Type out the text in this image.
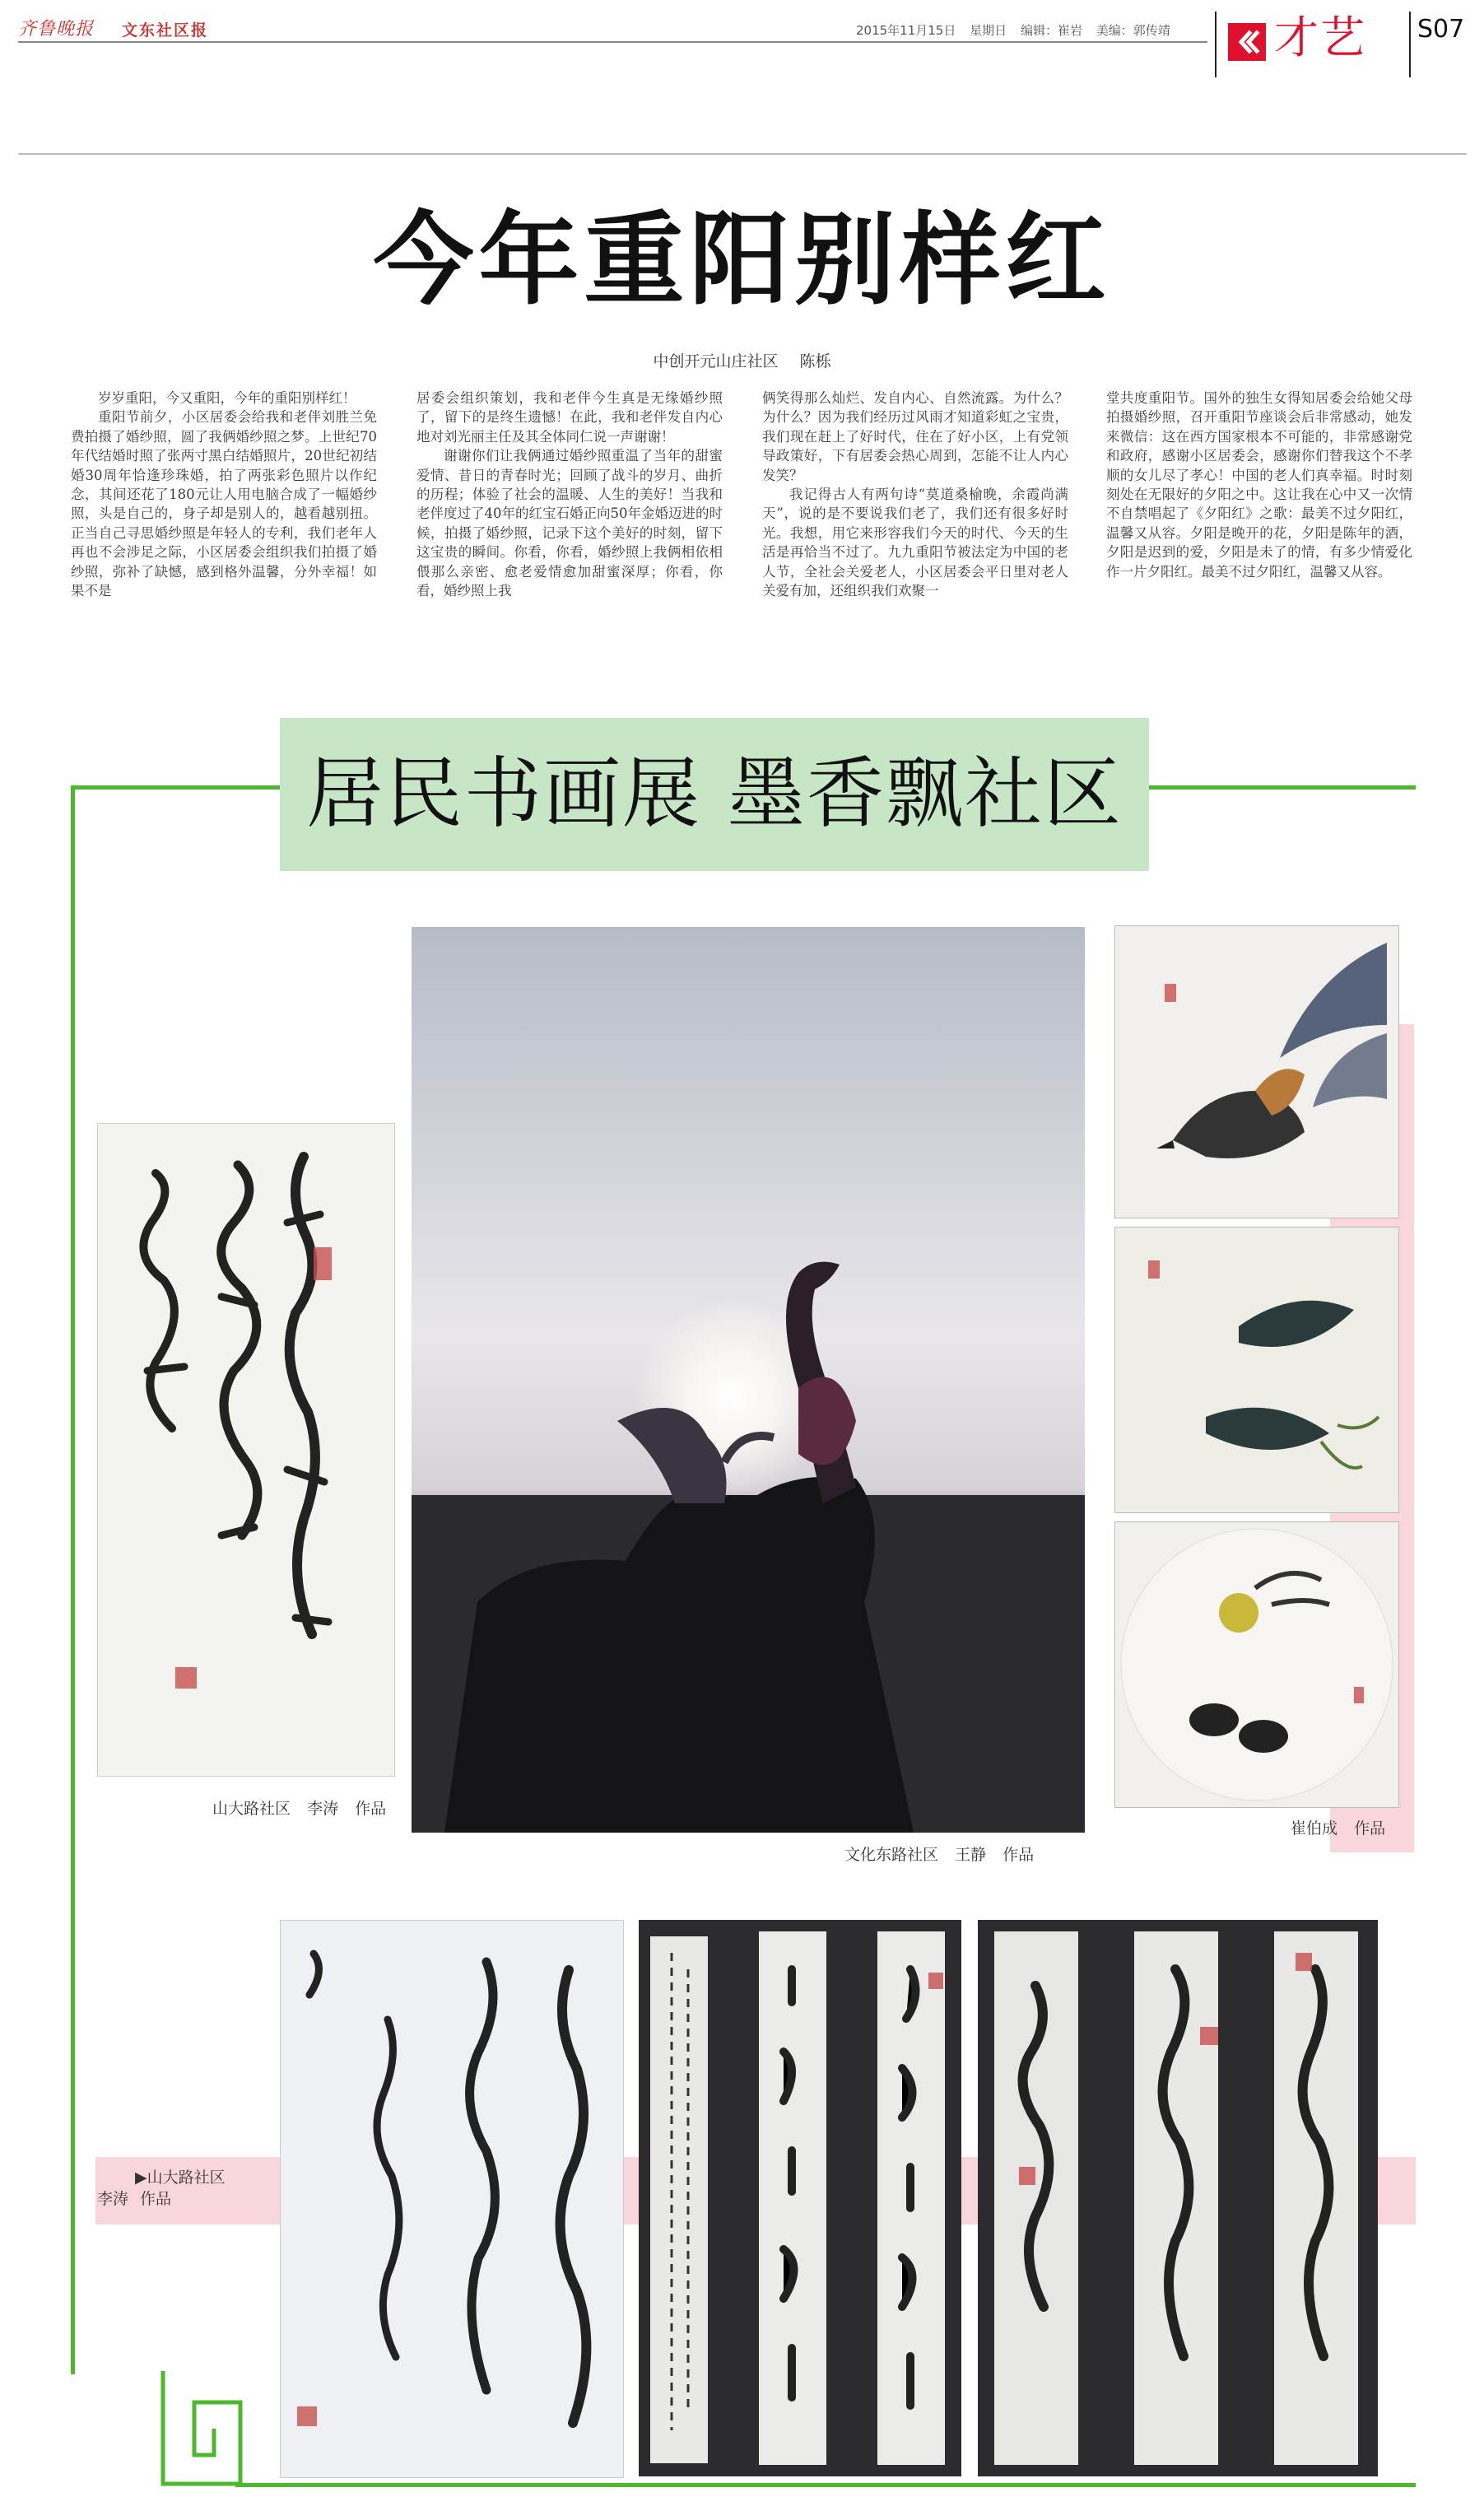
齐鲁晚报	文东社区报	2015年11月15日 星期日 编辑：崔岩 美编：郭传靖 才艺 S07
今年重阳别样红
中创开元山庄社区 陈栎

岁岁重阳，今又重阳，今年的重阳别样红！

重阳节前夕，小区居委会给我和老伴刘胜兰免费拍摄了婚纱照，圆了我俩婚纱照之梦。上世纪70年代结婚时照了张两寸黑白结婚照片，20世纪初结婚30周年恰逢珍珠婚，拍了两张彩色照片以作纪念，其间还花了180元让人用电脑合成了一幅婚纱照，头是自己的，身子却是别人的，越看越别扭。正当自己寻思婚纱照是年轻人的专利，我们老年人再也不会涉足之际，小区居委会组织我们拍摄了婚纱照，弥补了缺憾，感到格外温馨，分外幸福！如果不是

居委会组织策划，我和老伴今生真是无缘婚纱照了，留下的是终生遗憾！在此，我和老伴发自内心地对刘光丽主任及其全体同仁说一声谢谢！

谢谢你们让我俩通过婚纱照重温了当年的甜蜜爱情、昔日的青春时光；回顾了战斗的岁月、曲折的历程；体验了社会的温暖、人生的美好！当我和老伴度过了40年的红宝石婚正向50年金婚迈进的时候，拍摄了婚纱照，记录下这个美好的时刻，留下这宝贵的瞬间。你看，你看，婚纱照上我俩相依相偎那么亲密、愈老爱情愈加甜蜜深厚；你看，你看，婚纱照上我

俩笑得那么灿烂、发自内心、自然流露。为什么？为什么？因为我们经历过风雨才知道彩虹之宝贵，我们现在赶上了好时代，住在了好小区，上有党领导政策好，下有居委会热心周到，怎能不让人内心发笑？

我记得古人有两句诗“莫道桑榆晚，余霞尚满天”，说的是不要说我们老了，我们还有很多好时光。我想，用它来形容我们今天的时代、今天的生活是再恰当不过了。九九重阳节被法定为中国的老人节，全社会关爱老人，小区居委会平日里对老人关爱有加，还组织我们欢聚一

堂共度重阳节。国外的独生女得知居委会给她父母拍摄婚纱照，召开重阳节座谈会后非常感动，她发来微信：这在西方国家根本不可能的，非常感谢党和政府，感谢小区居委会，感谢你们替我这个不孝顺的女儿尽了孝心！中国的老人们真幸福。时时刻刻处在无限好的夕阳之中。这让我在心中又一次情不自禁唱起了《夕阳红》之歌：最美不过夕阳红，温馨又从容。夕阳是晚开的花，夕阳是陈年的酒，夕阳是迟到的爱，夕阳是未了的情，有多少情爱化作一片夕阳红。最美不过夕阳红，温馨又从容。

居民书画展 墨香飘社区
山大路社区 李涛 作品
文化东路社区 王静 作品
崔伯成 作品
▶山大路社区
李涛 作品
